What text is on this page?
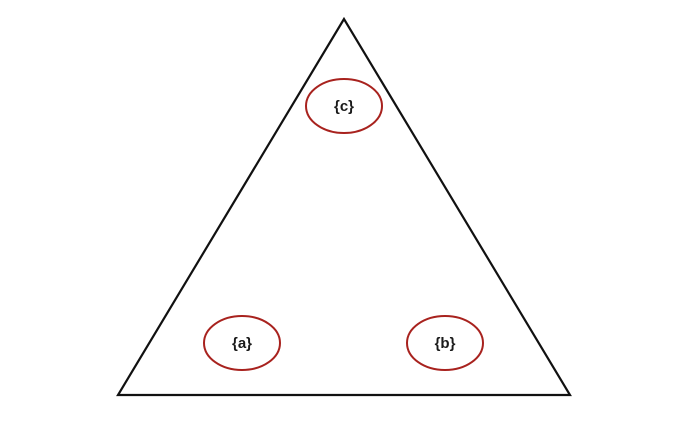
{c}
{a}	{b}
